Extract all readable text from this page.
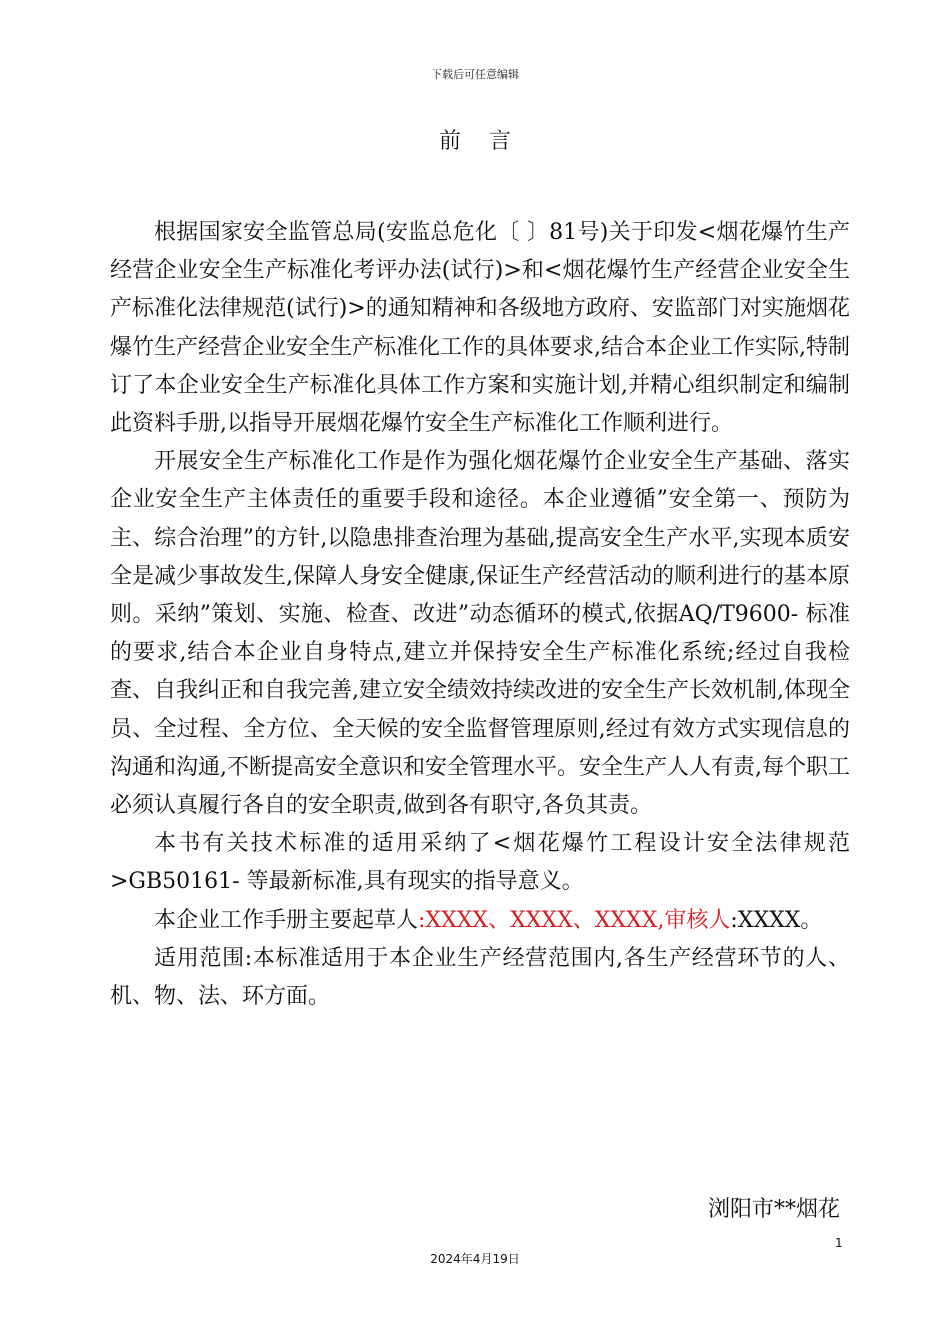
下载后可任意编辑
前言

根据国家安全监管总局(安监总危化〔 〕81号)关于印发<烟花爆竹生产经营企业安全生产标准化考评办法(试行)>和<烟花爆竹生产经营企业安全生产标准化法律规范(试行)>的通知精神和各级地方政府、安监部门对实施烟花爆竹生产经营企业安全生产标准化工作的具体要求,结合本企业工作实际,特制订了本企业安全生产标准化具体工作方案和实施计划,并精心组织制定和编制此资料手册,以指导开展烟花爆竹安全生产标准化工作顺利进行。

开展安全生产标准化工作是作为强化烟花爆竹企业安全生产基础、落实企业安全生产主体责任的重要手段和途径。本企业遵循”安全第一、预防为主、综合治理”的方针,以隐患排查治理为基础,提高安全生产水平,实现本质安全是减少事故发生,保障人身安全健康,保证生产经营活动的顺利进行的基本原则。采纳”策划、实施、检查、改进”动态循环的模式,依据AQ/T9600- 标准的要求,结合本企业自身特点,建立并保持安全生产标准化系统;经过自我检查、自我纠正和自我完善,建立安全绩效持续改进的安全生产长效机制,体现全员、全过程、全方位、全天候的安全监督管理原则,经过有效方式实现信息的沟通和沟通,不断提高安全意识和安全管理水平。安全生产人人有责,每个职工必须认真履行各自的安全职责,做到各有职守,各负其责。

本书有关技术标准的适用采纳了<烟花爆竹工程设计安全法律规范>GB50161- 等最新标准,具有现实的指导意义。

本企业工作手册主要起草人:XXXX、XXXX、XXXX,审核人:XXXX。

适用范围:本标准适用于本企业生产经营范围内,各生产经营环节的人、机、物、法、环方面。

浏阳市**烟花
1
2024年4月19日
